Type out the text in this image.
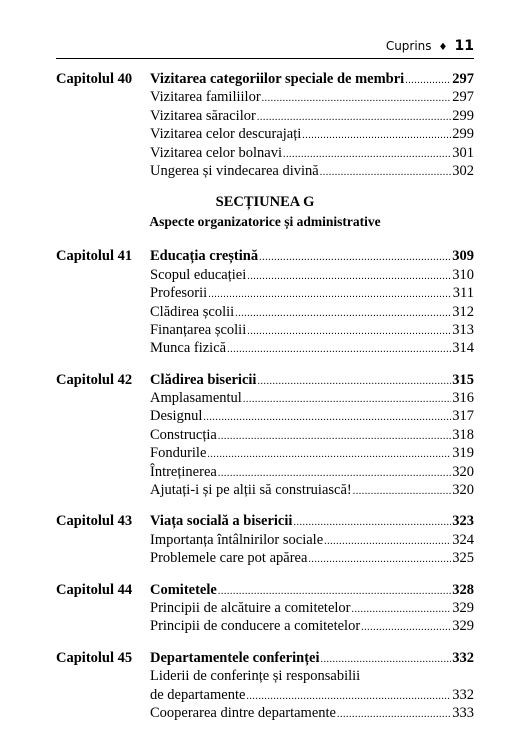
Cuprins ♦ 11
Capitolul 40	Vizitarea categoriilor speciale de membri .....	297
Vizitarea familiilor .....	297
Vizitarea săracilor .....	299
Vizitarea celor descurajați .....	299
Vizitarea celor bolnavi .....	301
Ungerea și vindecarea divină .....	302
SECȚIUNEA G
Aspecte organizatorice și administrative
Capitolul 41	Educația creștină .....	309
Scopul educației .....	310
Profesorii .....	311
Clădirea școlii .....	312
Finanțarea școlii .....	313
Munca fizică .....	314
Capitolul 42	Clădirea bisericii .....	315
Amplasamentul .....	316
Designul .....	317
Construcția .....	318
Fondurile .....	319
Întreținerea .....	320
Ajutați-i și pe alții să construiască! .....	320
Capitolul 43	Viața socială a bisericii .....	323
Importanța întâlnirilor sociale .....	324
Problemele care pot apărea .....	325
Capitolul 44	Comitetele .....	328
Principii de alcătuire a comitetelor .....	329
Principii de conducere a comitetelor .....	329
Capitolul 45	Departamentele conferinței .....	332
Liderii de conferințe și responsabilii
de departamente .....	332
Cooperarea dintre departamente .....	333
